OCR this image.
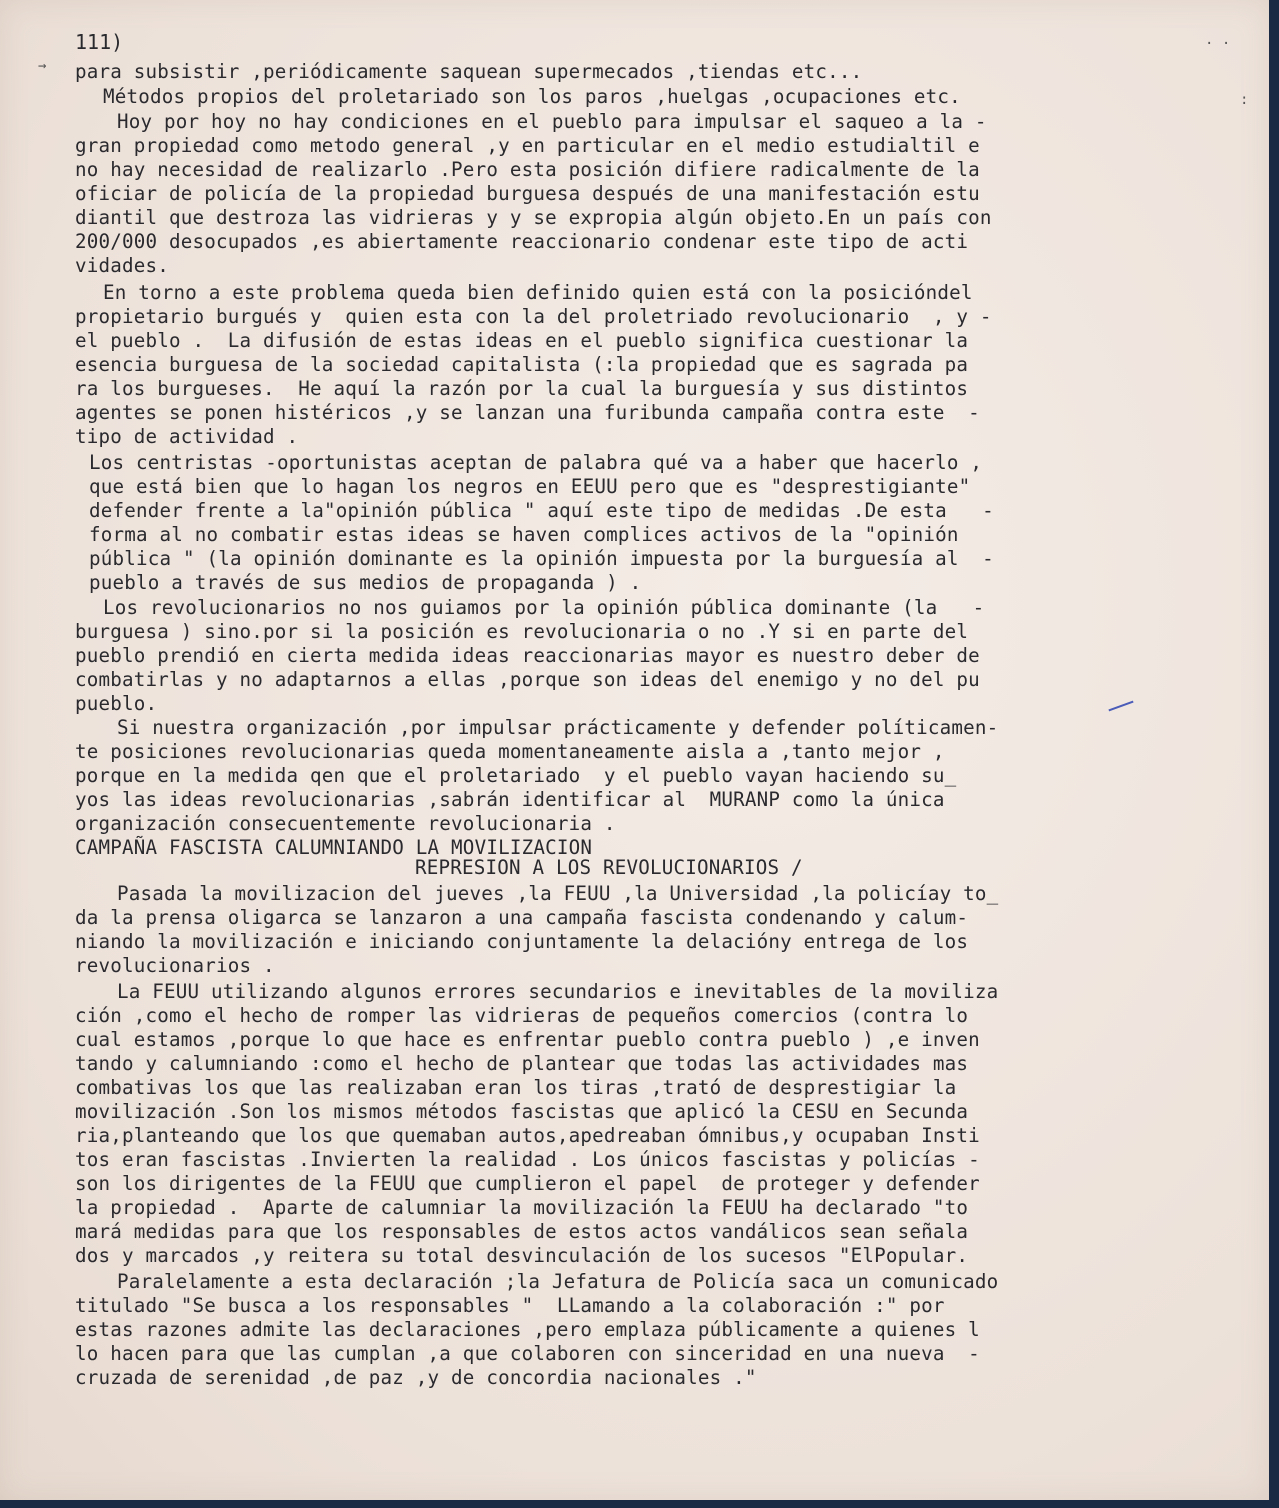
111)
→
· ·
:
para subsistir ,periódicamente saquean supermecados ,tiendas etc...
Métodos propios del proletariado son los paros ,huelgas ,ocupaciones etc.
Hoy por hoy no hay condiciones en el pueblo para impulsar el saqueo a la -
gran propiedad como metodo general ,y en particular en el medio estudialtil e
no hay necesidad de realizarlo .Pero esta posición difiere radicalmente de la
oficiar de policía de la propiedad burguesa después de una manifestación estu
diantil que destroza las vidrieras y y se expropia algún objeto.En un país con
200/000 desocupados ,es abiertamente reaccionario condenar este tipo de acti
vidades.
En torno a este problema queda bien definido quien está con la posicióndel
propietario burgués y  quien esta con la del proletriado revolucionario  , y -
el pueblo .  La difusión de estas ideas en el pueblo significa cuestionar la
esencia burguesa de la sociedad capitalista (:la propiedad que es sagrada pa
ra los burgueses.  He aquí la razón por la cual la burguesía y sus distintos
agentes se ponen histéricos ,y se lanzan una furibunda campaña contra este  -
tipo de actividad .
Los centristas -oportunistas aceptan de palabra qué va a haber que hacerlo ,
que está bien que lo hagan los negros en EEUU pero que es "desprestigiante"
defender frente a la"opinión pública " aquí este tipo de medidas .De esta   -
forma al no combatir estas ideas se haven complices activos de la "opinión
pública " (la opinión dominante es la opinión impuesta por la burguesía al  -
pueblo a través de sus medios de propaganda ) .
Los revolucionarios no nos guiamos por la opinión pública dominante (la   -
burguesa ) sino.por si la posición es revolucionaria o no .Y si en parte del
pueblo prendió en cierta medida ideas reaccionarias mayor es nuestro deber de
combatirlas y no adaptarnos a ellas ,porque son ideas del enemigo y no del pu
pueblo.
Si nuestra organización ,por impulsar prácticamente y defender políticamen-
te posiciones revolucionarias queda momentaneamente aisla a ,tanto mejor ,
porque en la medida qen que el proletariado  y el pueblo vayan haciendo su_
yos las ideas revolucionarias ,sabrán identificar al  MURANP como la única
organización consecuentemente revolucionaria .
CAMPAÑA FASCISTA CALUMNIANDO LA MOVILIZACION
REPRESION A LOS REVOLUCIONARIOS /
Pasada la movilizacion del jueves ,la FEUU ,la Universidad ,la policíay to_
da la prensa oligarca se lanzaron a una campaña fascista condenando y calum-
niando la movilización e iniciando conjuntamente la delacióny entrega de los
revolucionarios .
La FEUU utilizando algunos errores secundarios e inevitables de la moviliza
ción ,como el hecho de romper las vidrieras de pequeños comercios (contra lo
cual estamos ,porque lo que hace es enfrentar pueblo contra pueblo ) ,e inven
tando y calumniando :como el hecho de plantear que todas las actividades mas
combativas los que las realizaban eran los tiras ,trató de desprestigiar la
movilización .Son los mismos métodos fascistas que aplicó la CESU en Secunda
ria,planteando que los que quemaban autos,apedreaban ómnibus,y ocupaban Insti
tos eran fascistas .Invierten la realidad . Los únicos fascistas y policías -
son los dirigentes de la FEUU que cumplieron el papel  de proteger y defender
la propiedad .  Aparte de calumniar la movilización la FEUU ha declarado "to
mará medidas para que los responsables de estos actos vandálicos sean señala
dos y marcados ,y reitera su total desvinculación de los sucesos "ElPopular.
Paralelamente a esta declaración ;la Jefatura de Policía saca un comunicado
titulado "Se busca a los responsables "  LLamando a la colaboración :" por
estas razones admite las declaraciones ,pero emplaza públicamente a quienes l
lo hacen para que las cumplan ,a que colaboren con sinceridad en una nueva  -
cruzada de serenidad ,de paz ,y de concordia nacionales ."
